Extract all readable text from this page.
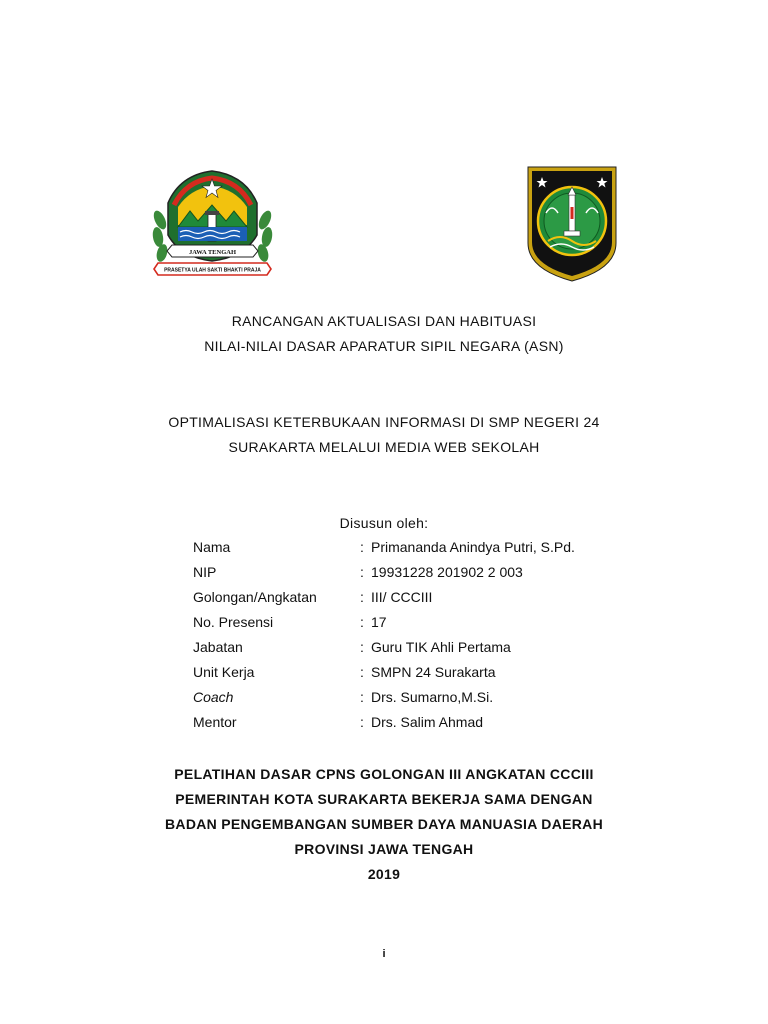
JAWA TENGAH
PRASETYA ULAH SAKTI BHAKTI PRAJA
RANCANGAN AKTUALISASI DAN HABITUASI
NILAI-NILAI DASAR APARATUR SIPIL NEGARA (ASN)
OPTIMALISASI KETERBUKAAN INFORMASI DI SMP NEGERI 24
SURAKARTA MELALUI MEDIA WEB SEKOLAH
Disusun oleh:
Nama	: Primananda Anindya Putri, S.Pd.
NIP	: 19931228 201902 2 003
Golongan/Angkatan	: III/ CCCIII
No. Presensi	: 17
Jabatan	: Guru TIK Ahli Pertama
Unit Kerja	: SMPN 24 Surakarta
Coach	: Drs. Sumarno,M.Si.
Mentor	: Drs. Salim Ahmad
PELATIHAN DASAR CPNS GOLONGAN III ANGKATAN CCCIII
PEMERINTAH KOTA SURAKARTA BEKERJA SAMA DENGAN
BADAN PENGEMBANGAN SUMBER DAYA MANUASIA DAERAH
PROVINSI JAWA TENGAH
2019
i
